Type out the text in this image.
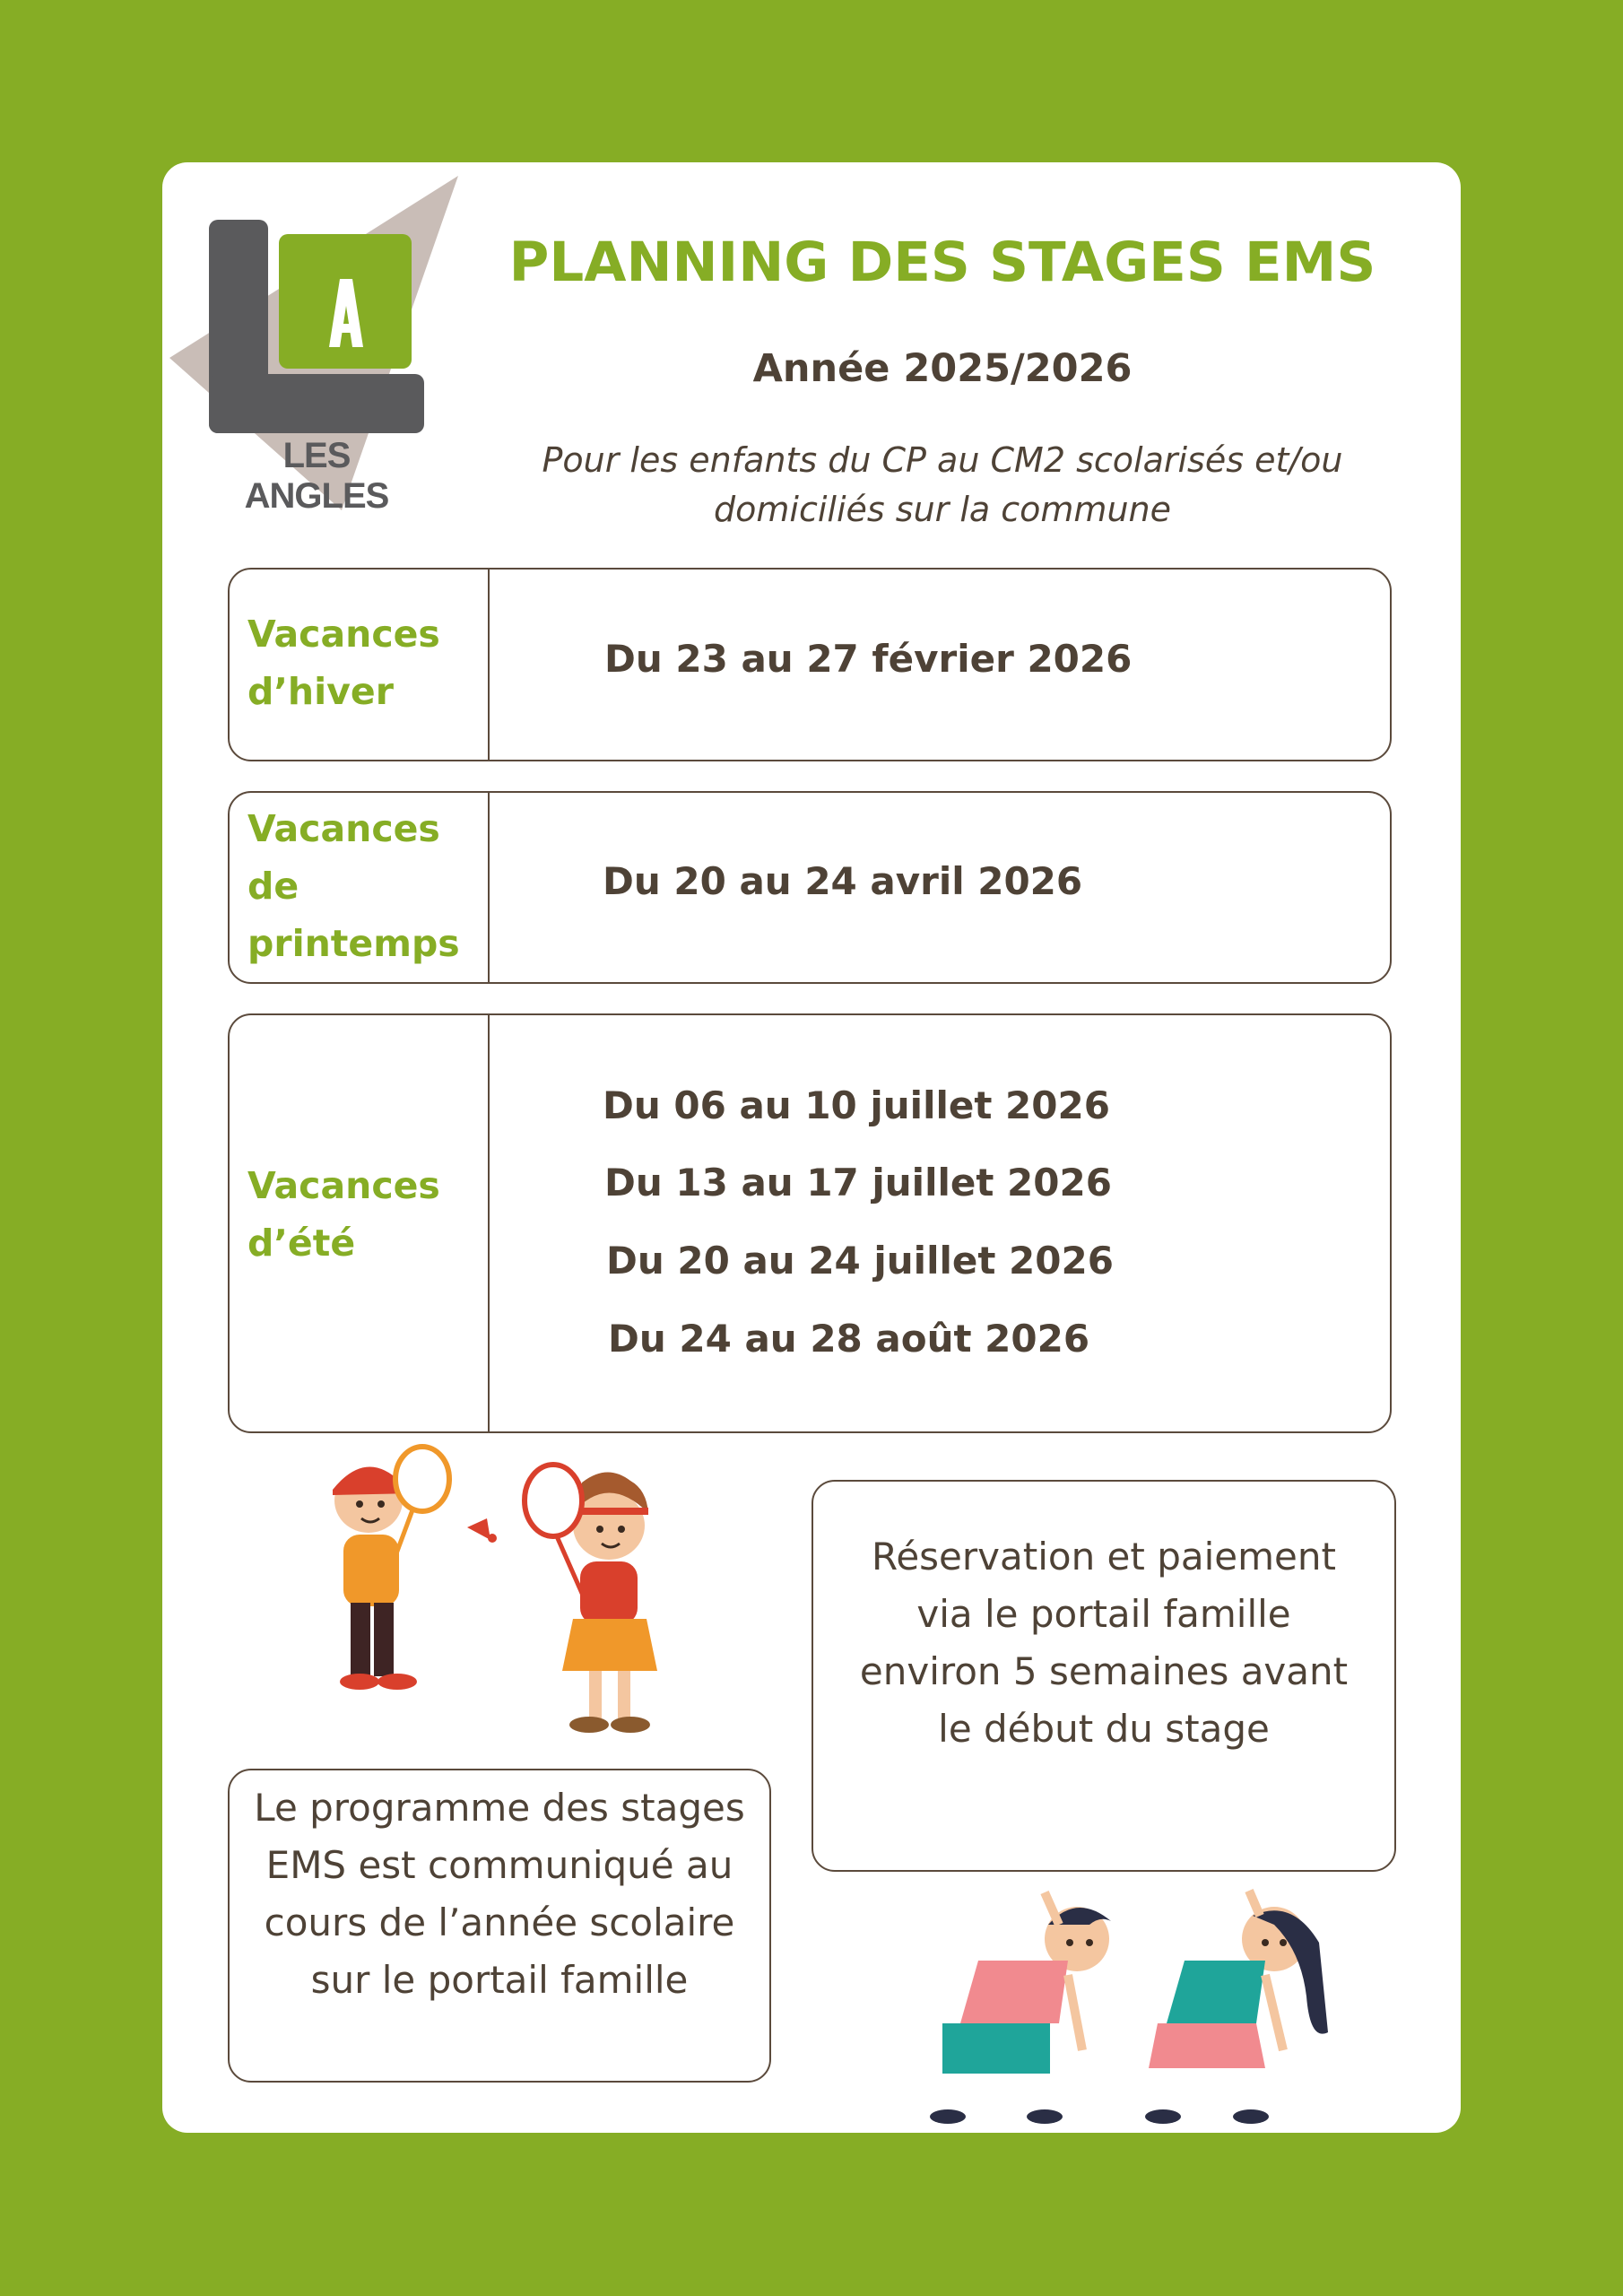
LES ANGLES
PLANNING DES STAGES EMS
Année 2025/2026
Pour les enfants du CP au CM2 scolarisés et/ou domiciliés sur la commune
Vacances d’hiver
Du 23 au 27 février 2026
Vacances de printemps
Du 20 au 24 avril 2026
Vacances d’été
Du 06 au 10 juillet 2026
Du 13 au 17 juillet 2026
Du 20 au 24 juillet 2026
Du 24 au 28 août 2026
Réservation et paiement via le portail famille environ 5 semaines avant le début du stage
Le programme des stages EMS est communiqué au cours de l’année scolaire sur le portail famille
